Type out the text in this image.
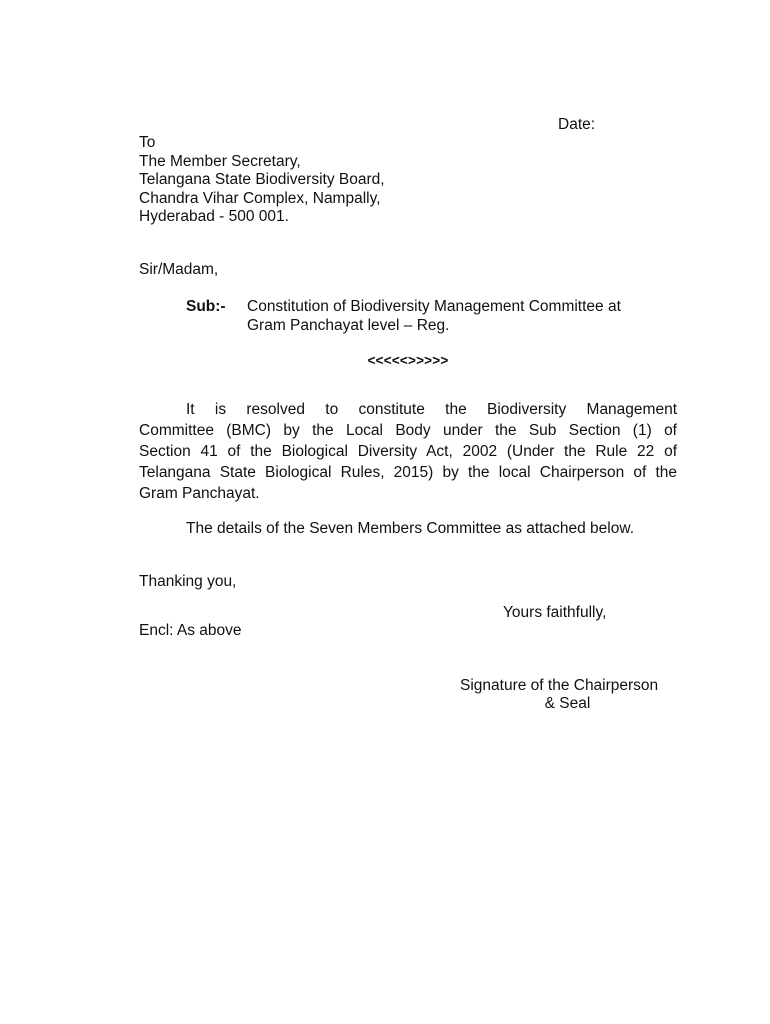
Date:
To
The Member Secretary,
Telangana State Biodiversity Board,
Chandra Vihar Complex, Nampally,
Hyderabad - 500 001.
Sir/Madam,
Sub:- Constitution of Biodiversity Management Committee at
Gram Panchayat level – Reg.
<<<<<>>>>>
It is resolved to constitute the Biodiversity Management
Committee (BMC) by the Local Body under the Sub Section (1) of
Section 41 of the Biological Diversity Act, 2002 (Under the Rule 22 of
Telangana State Biological Rules, 2015) by the local Chairperson of the
Gram Panchayat.
The details of the Seven Members Committee as attached below.
Thanking you,
Yours faithfully,
Encl: As above
Signature of the Chairperson
& Seal
